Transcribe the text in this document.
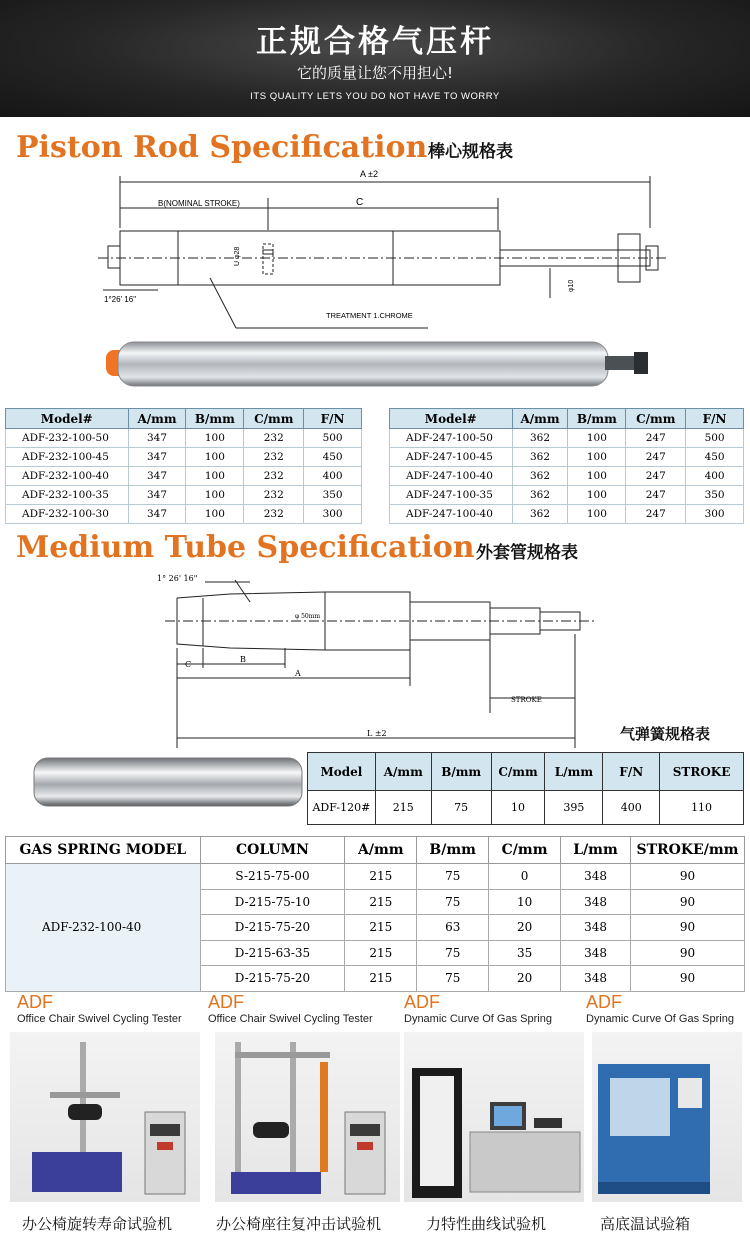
正规合格气压杆
它的质量让您不用担心!
ITS QUALITY LETS YOU DO NOT HAVE TO WORRY
Piston Rod Specification 棒心规格表
A ±2
B(NOMINAL STROKE)	C
1°26' 16"
TREATMENT 1.CHROME
U φ28
φ10
Model#	A/mm	B/mm	C/mm	F/N
ADF-232-100-50	347	100	232	500
ADF-232-100-45	347	100	232	450
ADF-232-100-40	347	100	232	400
ADF-232-100-35	347	100	232	350
ADF-232-100-30	347	100	232	300
Model#	A/mm	B/mm	C/mm	F/N
ADF-247-100-50	362	100	247	500
ADF-247-100-45	362	100	247	450
ADF-247-100-40	362	100	247	400
ADF-247-100-35	362	100	247	350
ADF-247-100-40	362	100	247	300
Medium Tube Specification 外套管规格表
1° 26' 16"
C
B
A
STROKE
L ±2
φ 50mm
气弹簧规格表
Model	A/mm	B/mm	C/mm	L/mm	F/N	STROKE
ADF-120#	215	75	10	395	400	110
GAS SPRING MODEL	COLUMN	A/mm	B/mm	C/mm	L/mm	STROKE/mm
ADF-232-100-40	S-215-75-00	215	75	0	348	90
	D-215-75-10	215	75	10	348	90
	D-215-75-20	215	63	20	348	90
	D-215-63-35	215	75	35	348	90
	D-215-75-20	215	75	20	348	90
ADF
Office Chair Swivel Cycling Tester
ADF
Office Chair Swivel Cycling Tester
ADF
Dynamic Curve Of Gas Spring
ADF
Dynamic Curve Of Gas Spring
办公椅旋转寿命试验机	办公椅座往复冲击试验机	力特性曲线试验机	高底温试验箱
